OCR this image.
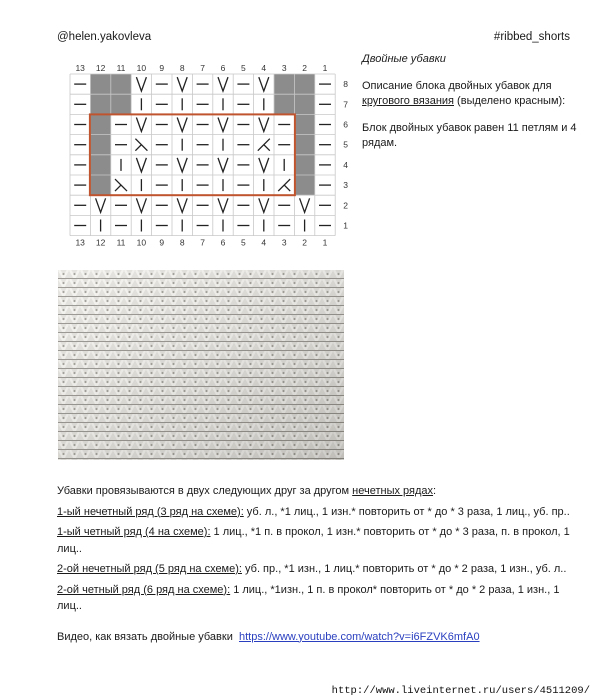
@helen.yakovleva	#ribbed_shorts
13
13
12
12
11
11
10
10
9
9
8
8
7
7
6
6
5
5
4
4
3
3
2
2
1
1
8
7
6
5
4
3
2
1

Двойные убавки

Описание блока двойных убавок для кругового вязания (выделено красным):

Блок двойных убавок равен 11 петлям и 4 рядам.

Убавки провязываются в двух следующих друг за другом нечетных рядах:

1-ый нечетный ряд (3 ряд на схеме): уб. л., *1 лиц., 1 изн.* повторить от * до * 3 раза, 1 лиц., уб. пр..

1-ый четный ряд (4 на схеме): 1 лиц., *1 п. в прокол, 1 изн.* повторить от * до * 3 раза, п. в прокол, 1 лиц..

2-ой нечетный ряд (5 ряд на схеме): уб. пр., *1 изн., 1 лиц.* повторить от * до * 2 раза, 1 изн., уб. л..

2-ой четный ряд (6 ряд на схеме): 1 лиц., *1изн., 1 п. в прокол* повторить от * до * 2 раза, 1 изн., 1 лиц..

Видео, как вязать двойные убавки https://www.youtube.com/watch?v=i6FZVK6mfA0

http://www.liveinternet.ru/users/4511209/
